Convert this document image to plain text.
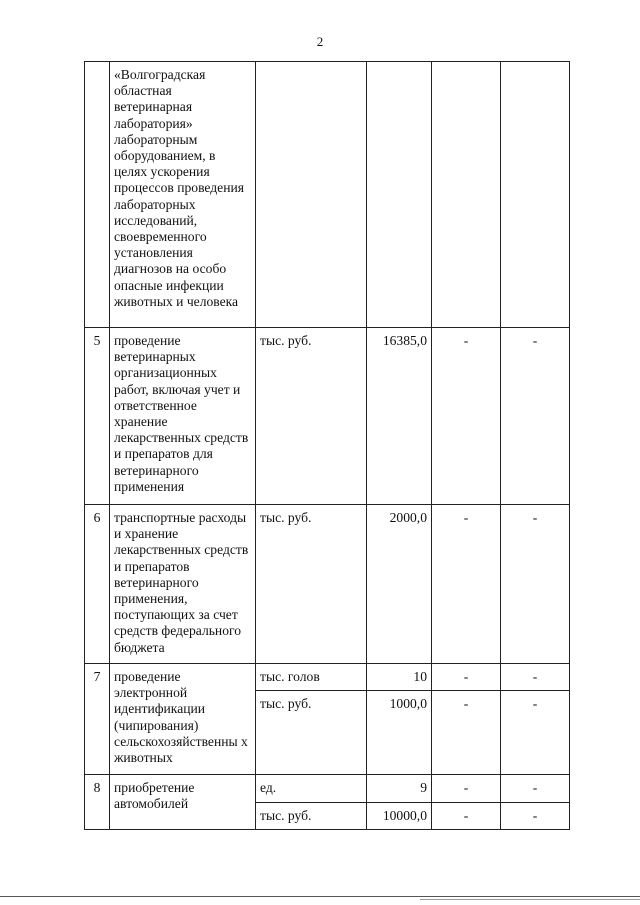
2
	«Волгоградская областная ветеринарная лаборатория» лабораторным оборудованием, в целях ускорения процессов проведения лабораторных исследований, своевременного установления диагнозов на особо опасные инфекции животных и человека				
5	проведение ветеринарных организационных работ, включая учет и ответственное хранение лекарственных средств и препаратов для ветеринарного применения	тыс. руб.	16385,0	-	-
6	транспортные расходы и хранение лекарственных средств и препаратов ветеринарного применения, поступающих за счет средств федерального бюджета	тыс. руб.	2000,0	-	-
7	проведение электронной идентификации (чипирования) сельскохозяйственны х животных	тыс. голов	10	-	-
		тыс. руб.	1000,0	-	-
8	приобретение автомобилей	ед.	9	-	-
		тыс. руб.	10000,0	-	-
